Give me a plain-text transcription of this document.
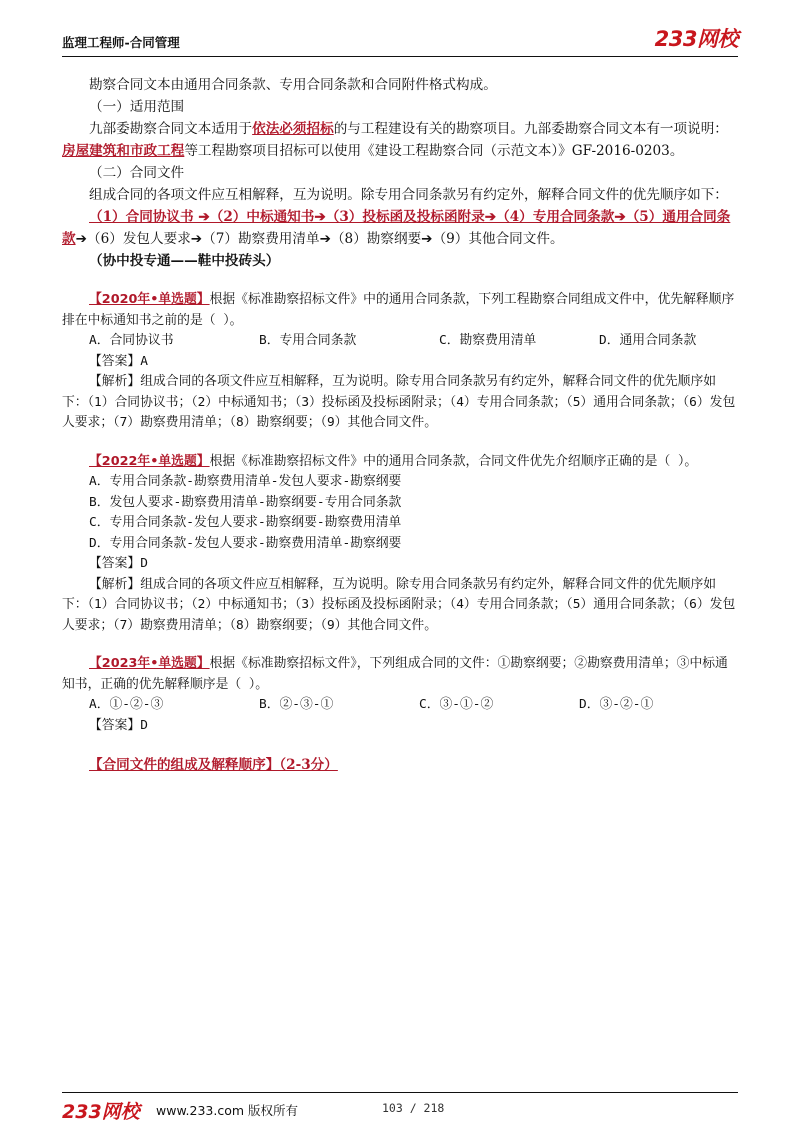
监理工程师-合同管理	233网校

勘察合同文本由通用合同条款、专用合同条款和合同附件格式构成。

（一）适用范围

九部委勘察合同文本适用于依法必须招标的与工程建设有关的勘察项目。九部委勘察合同文本有一项说明：房屋建筑和市政工程等工程勘察项目招标可以使用《建设工程勘察合同（示范文本）》GF-2016-0203。

（二）合同文件

组成合同的各项文件应互相解释，互为说明。除专用合同条款另有约定外，解释合同文件的优先顺序如下：

（1）合同协议书 ➔（2）中标通知书➔（3）投标函及投标函附录➔（4）专用合同条款➔（5）通用合同条款➔（6）发包人要求➔（7）勘察费用清单➔（8）勘察纲要➔（9）其他合同文件。

（协中投专通——鞋中投砖头）

【2020年•单选题】根据《标准勘察招标文件》中的通用合同条款，下列工程勘察合同组成文件中，优先解释顺序排在中标通知书之前的是（ ）。

A．合同协议书	B．专用合同条款	C．勘察费用清单	D．通用合同条款

【答案】A

【解析】组成合同的各项文件应互相解释，互为说明。除专用合同条款另有约定外，解释合同文件的优先顺序如下：（1）合同协议书；（2）中标通知书；（3）投标函及投标函附录；（4）专用合同条款；（5）通用合同条款；（6）发包人要求；（7）勘察费用清单；（8）勘察纲要；（9）其他合同文件。

【2022年•单选题】根据《标准勘察招标文件》中的通用合同条款，合同文件优先介绍顺序正确的是（ ）。

A．专用合同条款-勘察费用清单-发包人要求-勘察纲要

B．发包人要求-勘察费用清单-勘察纲要-专用合同条款

C．专用合同条款-发包人要求-勘察纲要-勘察费用清单

D．专用合同条款-发包人要求-勘察费用清单-勘察纲要

【答案】D

【解析】组成合同的各项文件应互相解释，互为说明。除专用合同条款另有约定外，解释合同文件的优先顺序如下：（1）合同协议书；（2）中标通知书；（3）投标函及投标函附录；（4）专用合同条款；（5）通用合同条款；（6）发包人要求；（7）勘察费用清单；（8）勘察纲要；（9）其他合同文件。

【2023年•单选题】根据《标准勘察招标文件》，下列组成合同的文件：①勘察纲要；②勘察费用清单；③中标通知书，正确的优先解释顺序是（ ）。

A．①-②-③	B．②-③-①	C．③-①-②	D．③-②-①

【答案】D

【合同文件的组成及解释顺序】（2-3分）

233网校 www.233.com 版权所有	103 / 218
